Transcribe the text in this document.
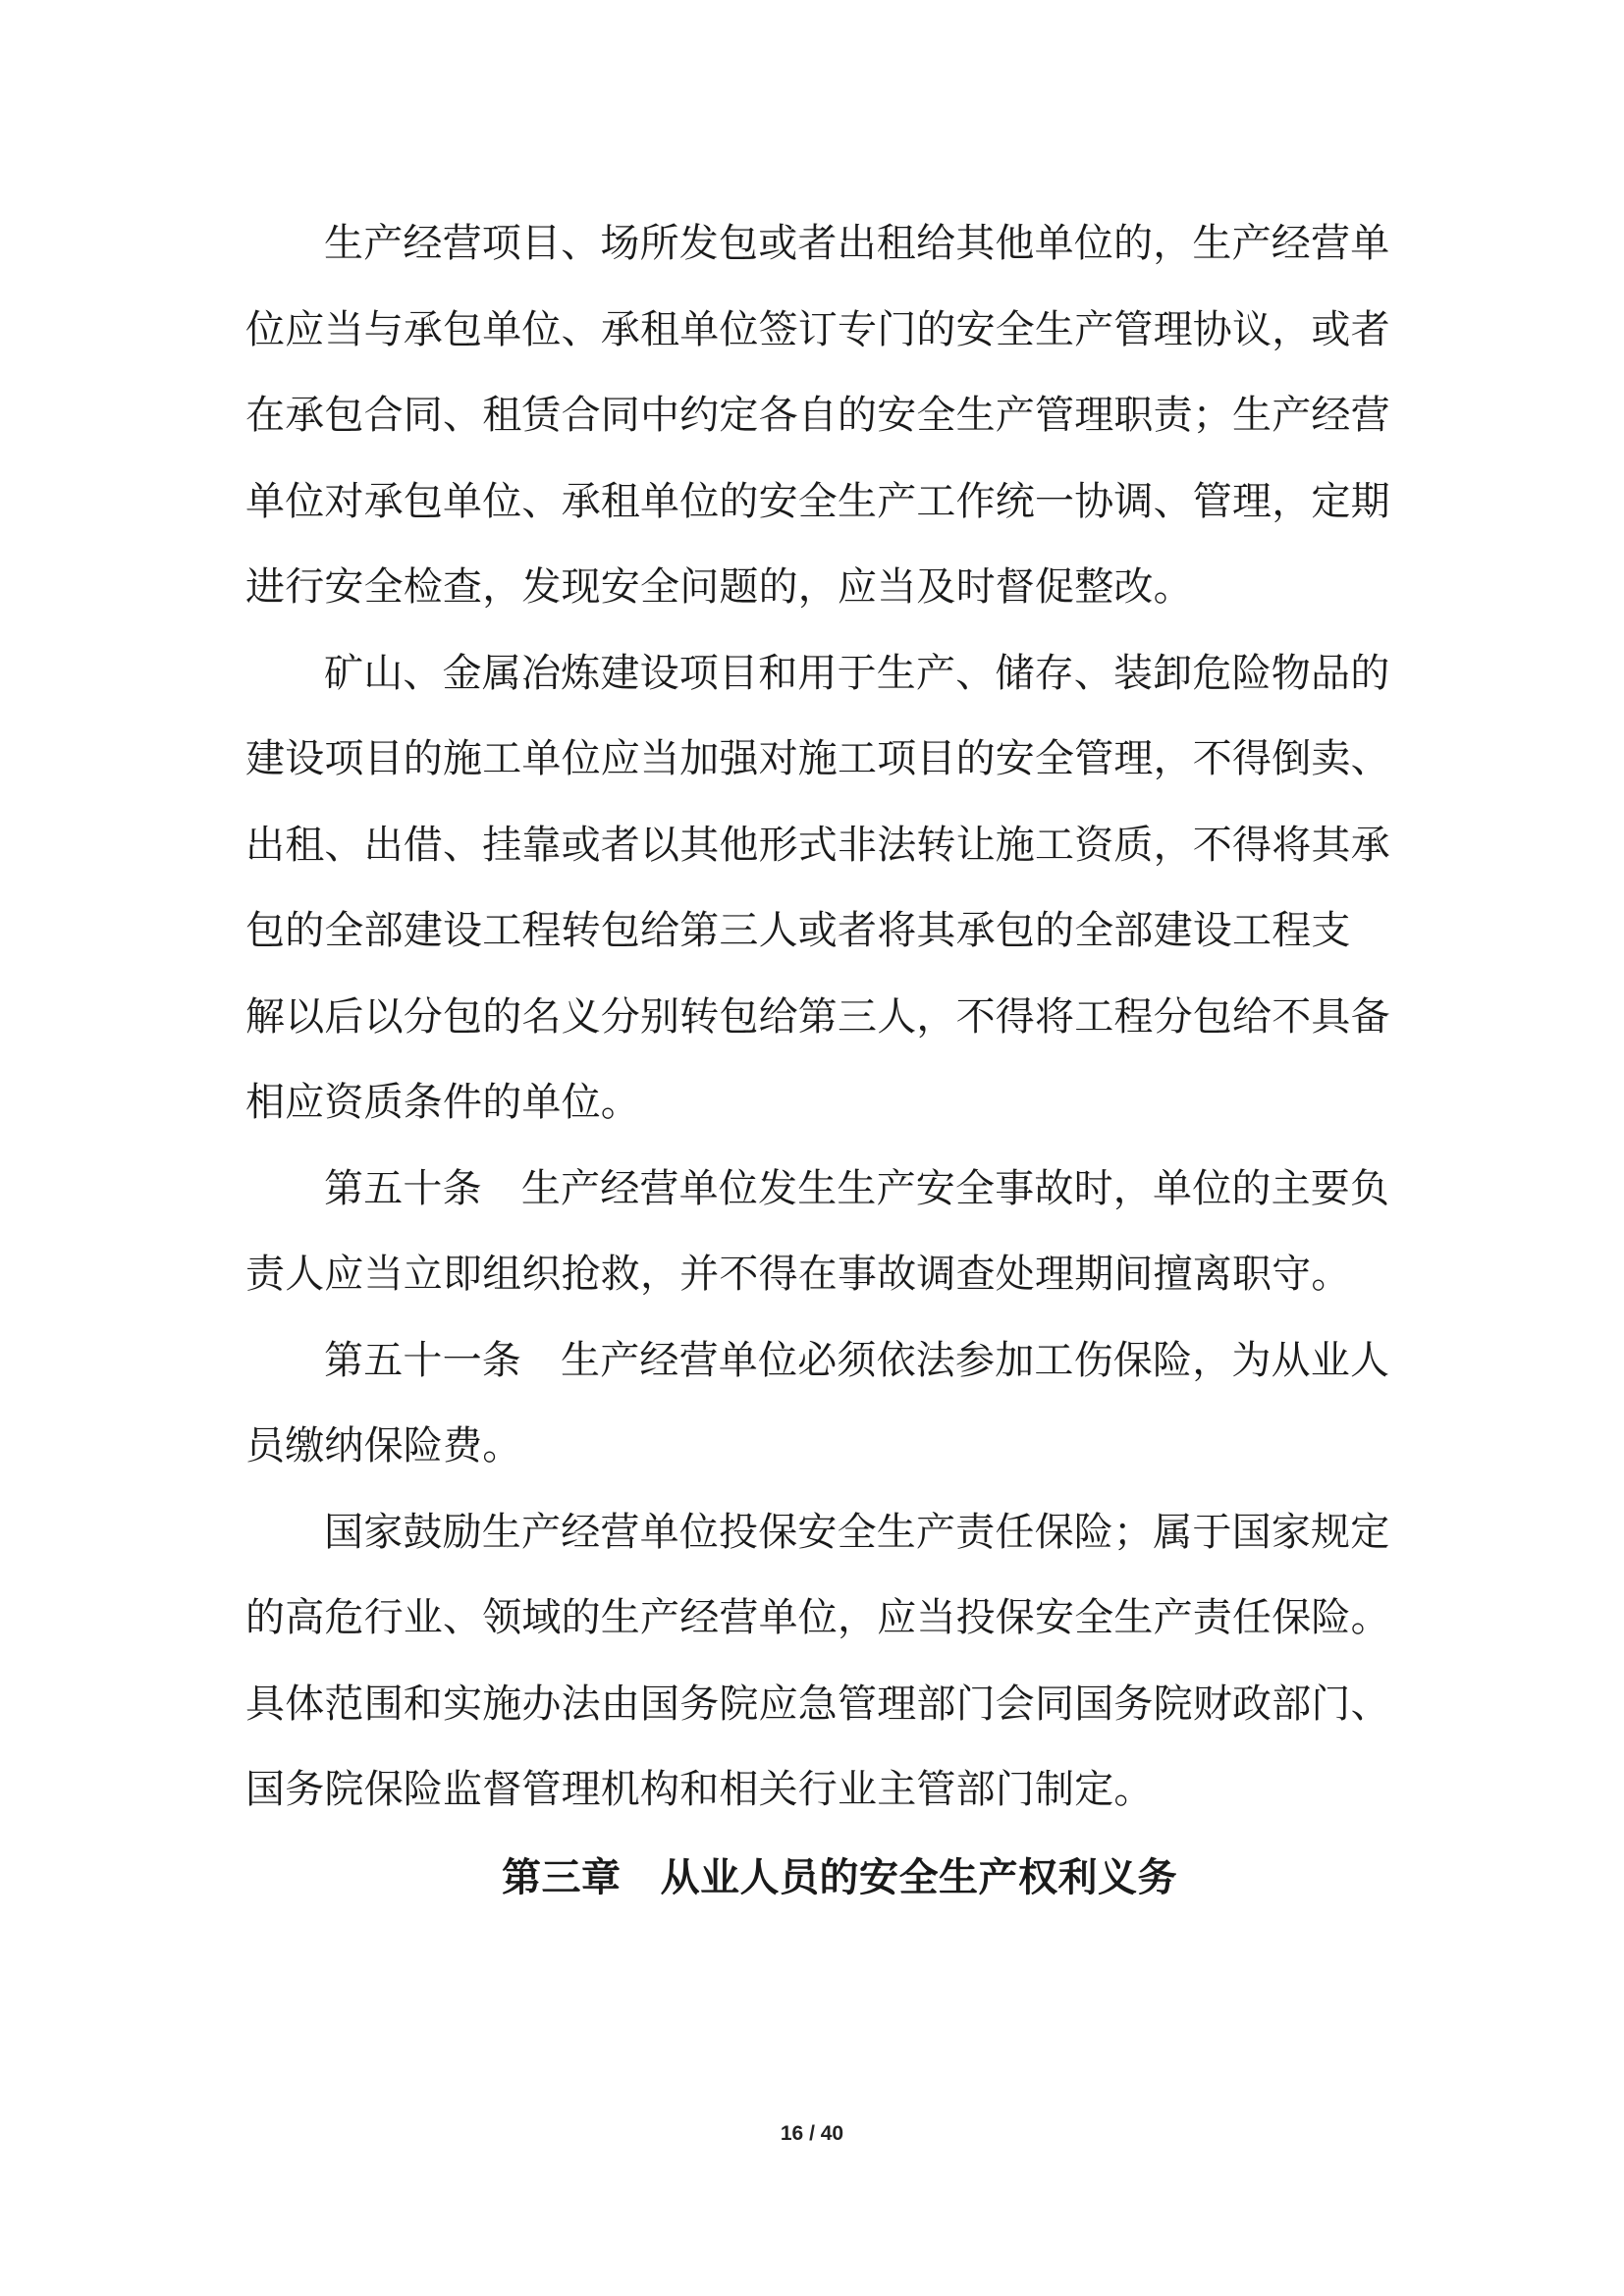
生产经营项目、场所发包或者出租给其他单位的，生产经营单
位应当与承包单位、承租单位签订专门的安全生产管理协议，或者
在承包合同、租赁合同中约定各自的安全生产管理职责；生产经营
单位对承包单位、承租单位的安全生产工作统一协调、管理，定期
进行安全检查，发现安全问题的，应当及时督促整改。

矿山、金属冶炼建设项目和用于生产、储存、装卸危险物品的
建设项目的施工单位应当加强对施工项目的安全管理，不得倒卖、
出租、出借、挂靠或者以其他形式非法转让施工资质，不得将其承
包的全部建设工程转包给第三人或者将其承包的全部建设工程支
解以后以分包的名义分别转包给第三人，不得将工程分包给不具备
相应资质条件的单位。

第五十条 生产经营单位发生生产安全事故时，单位的主要负
责人应当立即组织抢救，并不得在事故调查处理期间擅离职守。

第五十一条 生产经营单位必须依法参加工伤保险，为从业人
员缴纳保险费。

国家鼓励生产经营单位投保安全生产责任保险；属于国家规定
的高危行业、领域的生产经营单位，应当投保安全生产责任保险。
具体范围和实施办法由国务院应急管理部门会同国务院财政部门、
国务院保险监督管理机构和相关行业主管部门制定。

第三章 从业人员的安全生产权利义务
16 / 40
